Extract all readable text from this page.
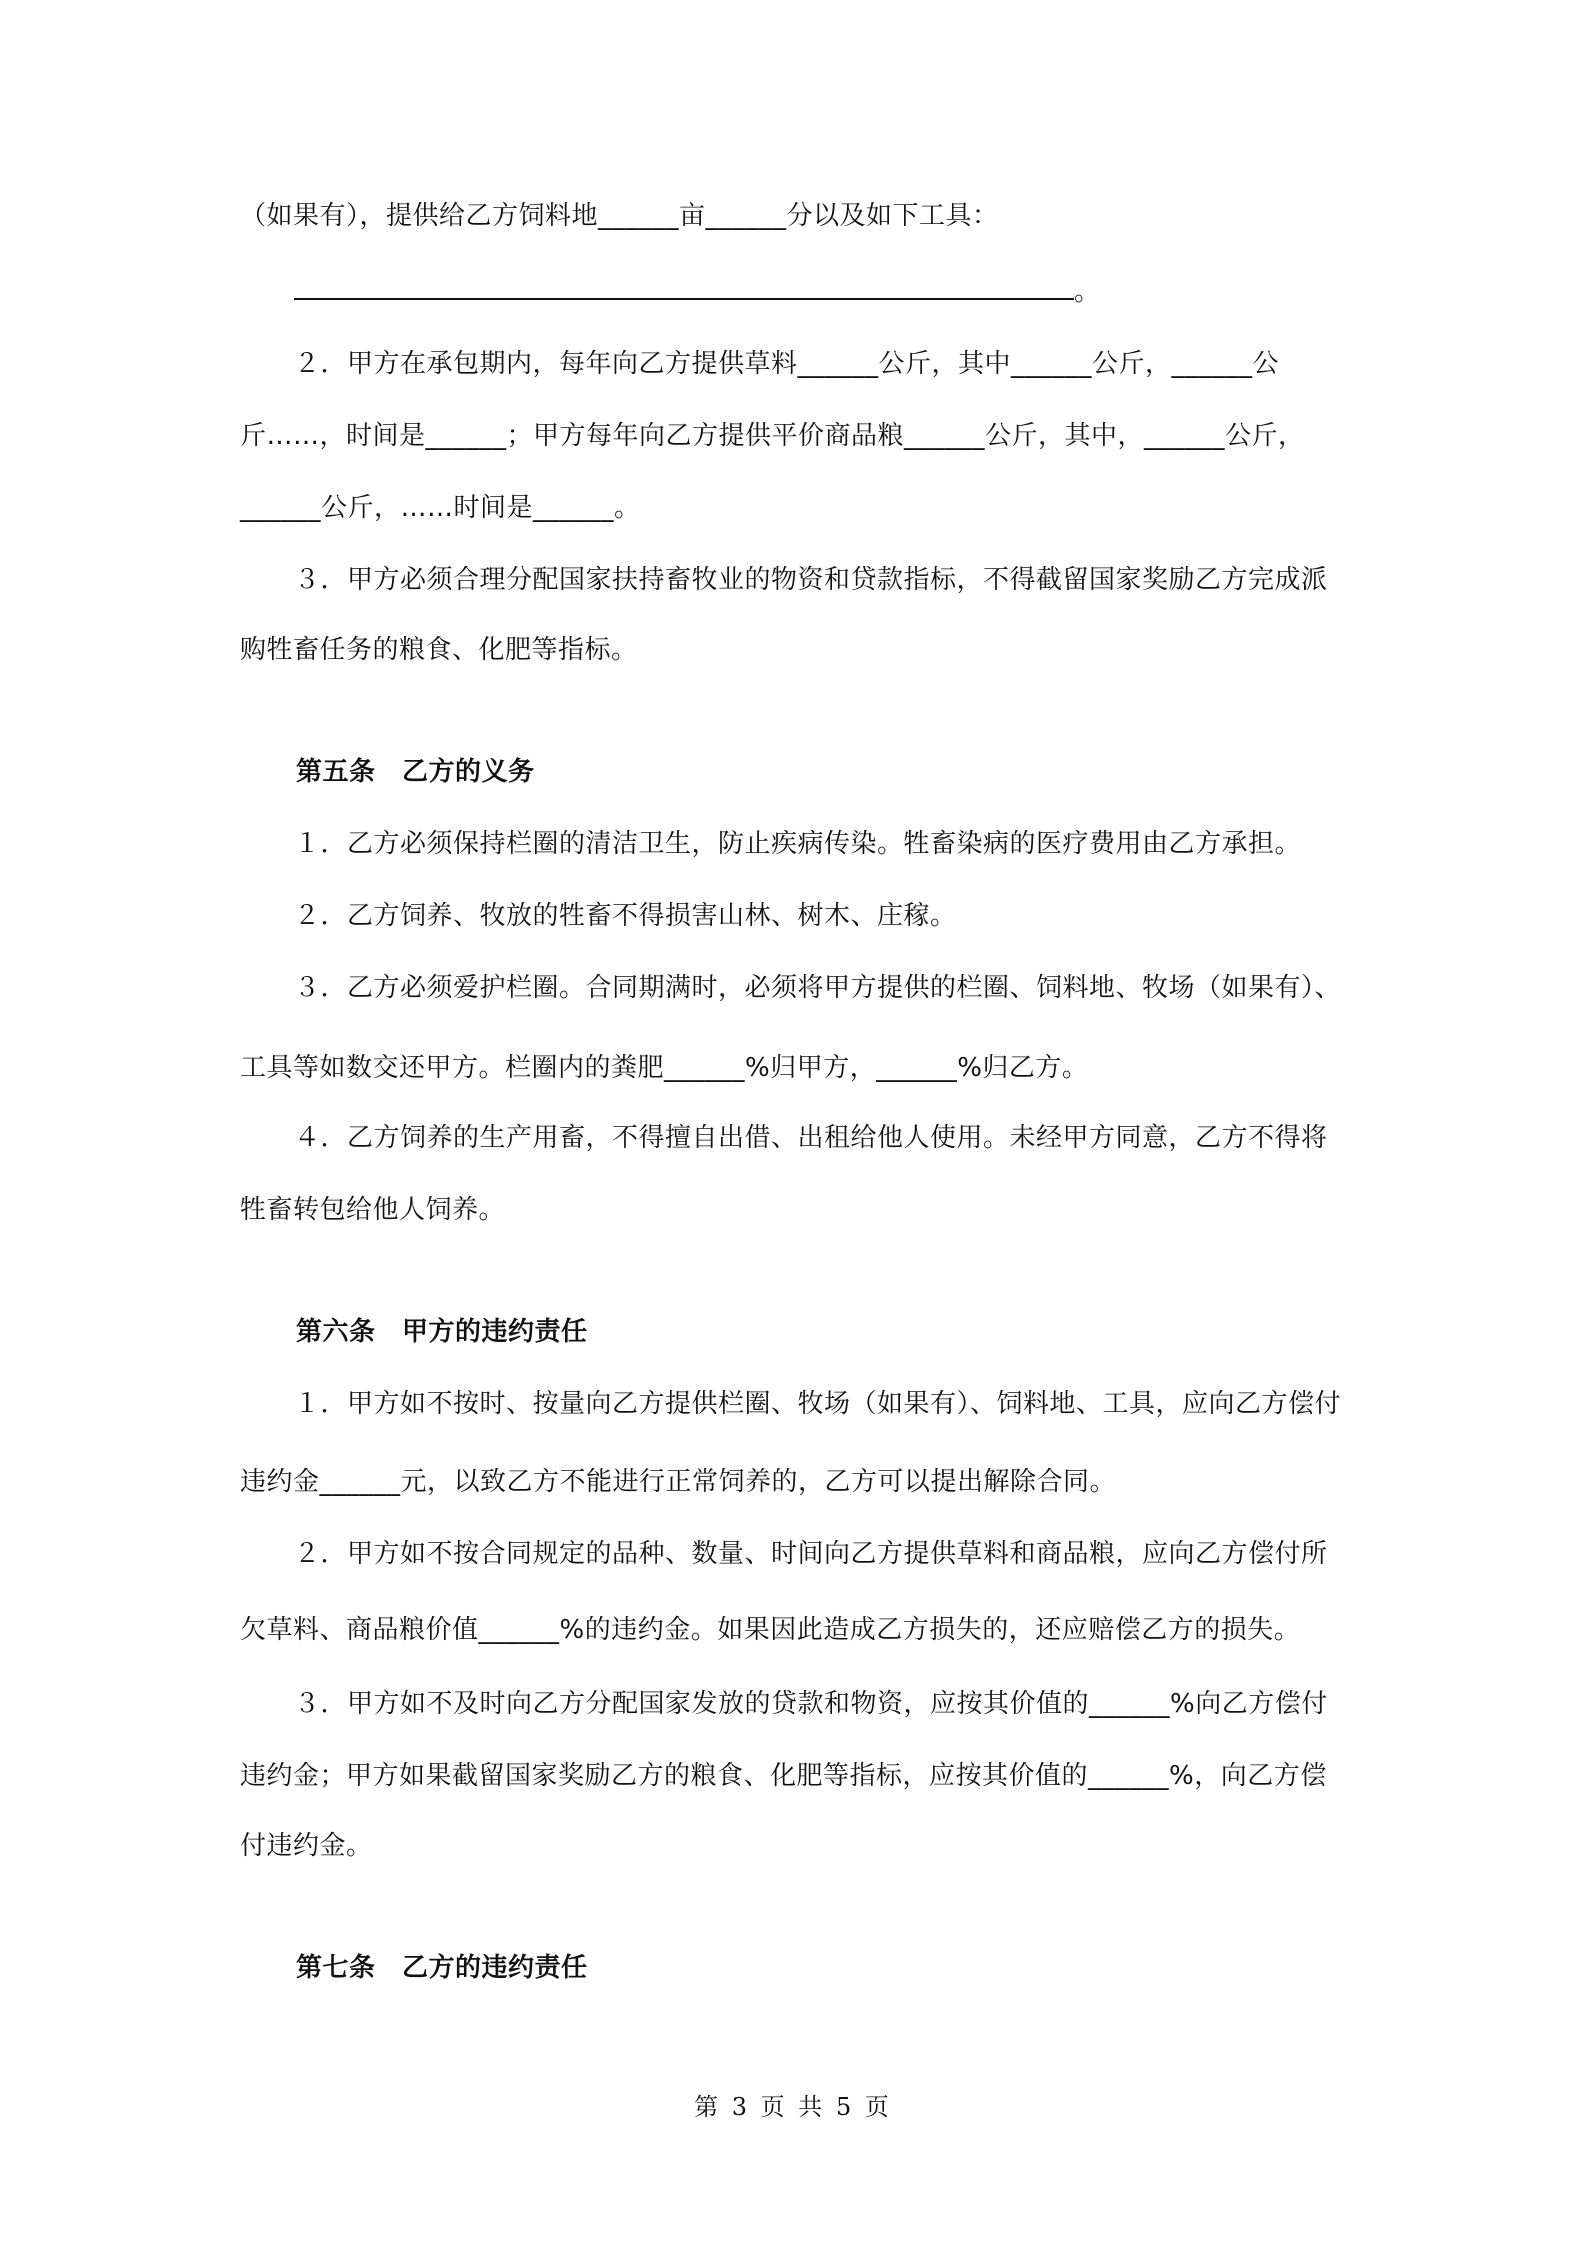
（如果有），提供给乙方饲料地______亩______分以及如下工具：
。
２．甲方在承包期内，每年向乙方提供草料______公斤，其中______公斤，______公
斤……，时间是______；甲方每年向乙方提供平价商品粮______公斤，其中，______公斤，
______公斤，……时间是______。
３．甲方必须合理分配国家扶持畜牧业的物资和贷款指标，不得截留国家奖励乙方完成派
购牲畜任务的粮食、化肥等指标。
第五条　乙方的义务
１．乙方必须保持栏圈的清洁卫生，防止疾病传染。牲畜染病的医疗费用由乙方承担。
２．乙方饲养、牧放的牲畜不得损害山林、树木、庄稼。
３．乙方必须爱护栏圈。合同期满时，必须将甲方提供的栏圈、饲料地、牧场（如果有）、
工具等如数交还甲方。栏圈内的粪肥______%归甲方，______%归乙方。
４．乙方饲养的生产用畜，不得擅自出借、出租给他人使用。未经甲方同意，乙方不得将
牲畜转包给他人饲养。
第六条　甲方的违约责任
１．甲方如不按时、按量向乙方提供栏圈、牧场（如果有）、饲料地、工具，应向乙方偿付
违约金______元，以致乙方不能进行正常饲养的，乙方可以提出解除合同。
２．甲方如不按合同规定的品种、数量、时间向乙方提供草料和商品粮，应向乙方偿付所
欠草料、商品粮价值______%的违约金。如果因此造成乙方损失的，还应赔偿乙方的损失。
３．甲方如不及时向乙方分配国家发放的贷款和物资，应按其价值的______%向乙方偿付
违约金；甲方如果截留国家奖励乙方的粮食、化肥等指标，应按其价值的______%，向乙方偿
付违约金。
第七条　乙方的违约责任
第 3 页 共 5 页
